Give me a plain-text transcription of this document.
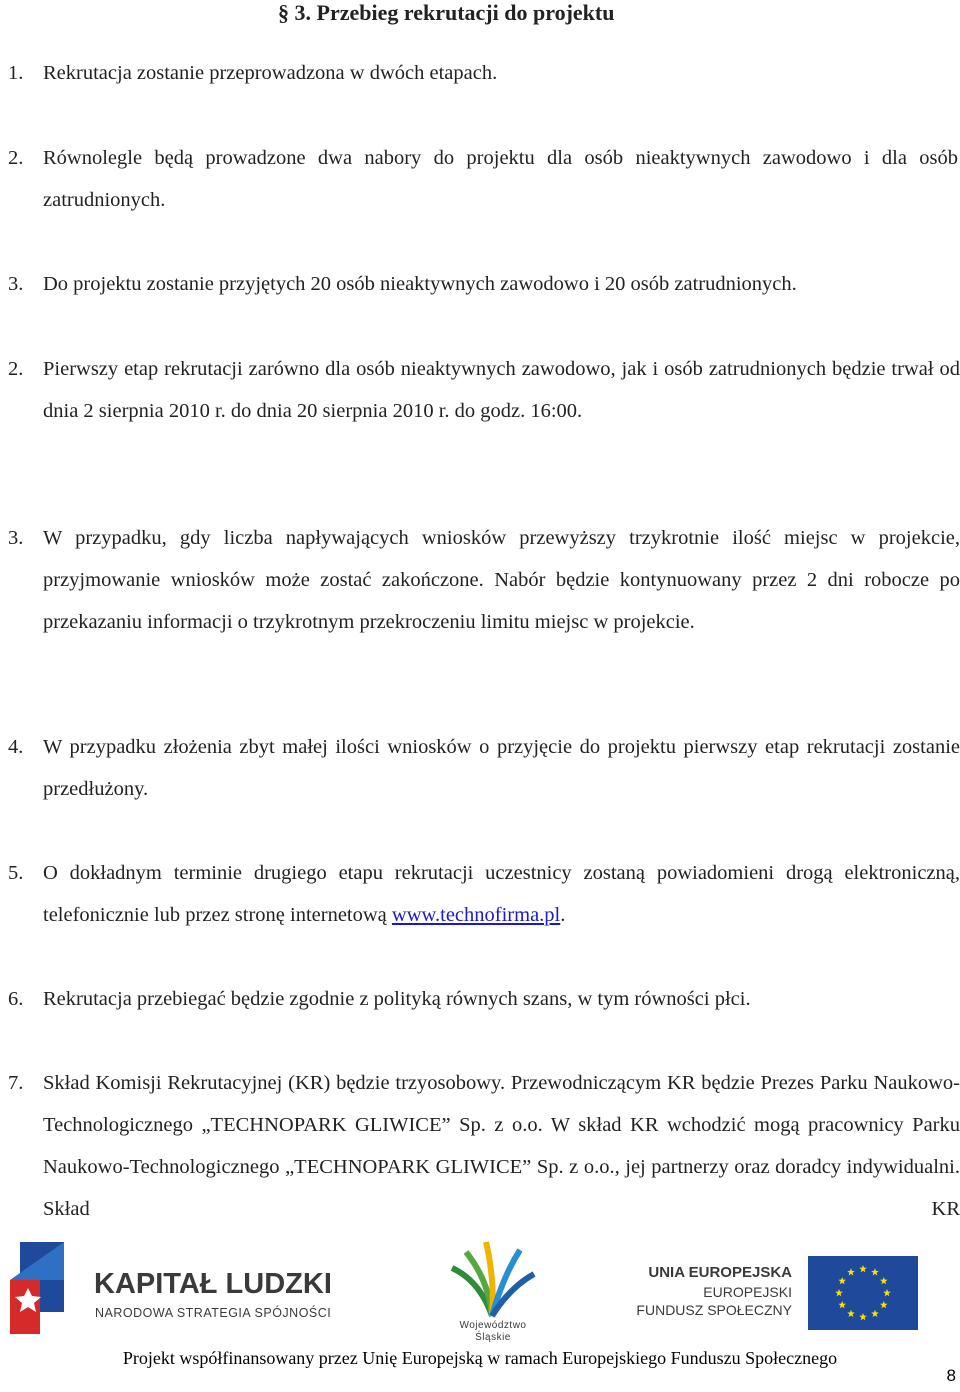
§ 3. Przebieg rekrutacji do projektu
1. Rekrutacja zostanie przeprowadzona w dwóch etapach.
2. Równolegle będą prowadzone dwa nabory do projektu dla osób nieaktywnych zawodowo i dla osób zatrudnionych.
3. Do projektu zostanie przyjętych 20 osób nieaktywnych zawodowo i 20 osób zatrudnionych.
2. Pierwszy etap rekrutacji zarówno dla osób nieaktywnych zawodowo, jak i osób zatrudnionych będzie trwał od dnia 2 sierpnia 2010 r. do dnia 20 sierpnia 2010 r. do godz. 16:00.
3. W przypadku, gdy liczba napływających wniosków przewyższy trzykrotnie ilość miejsc w projekcie, przyjmowanie wniosków może zostać zakończone. Nabór będzie kontynuowany przez 2 dni robocze po przekazaniu informacji o trzykrotnym przekroczeniu limitu miejsc w projekcie.
4. W przypadku złożenia zbyt małej ilości wniosków o przyjęcie do projektu pierwszy etap rekrutacji zostanie przedłużony.
5. O dokładnym terminie drugiego etapu rekrutacji uczestnicy zostaną powiadomieni drogą elektroniczną, telefonicznie lub przez stronę internetową www.technofirma.pl.
6. Rekrutacja przebiegać będzie zgodnie z polityką równych szans, w tym równości płci.
7. Skład Komisji Rekrutacyjnej (KR) będzie trzyosobowy. Przewodniczącym KR będzie Prezes Parku Naukowo-Technologicznego „TECHNOPARK GLIWICE” Sp. z o.o. W skład KR wchodzić mogą pracownicy Parku Naukowo-Technologicznego „TECHNOPARK GLIWICE” Sp. z o.o., jej partnerzy oraz doradcy indywidualni. Skład KR
KAPITAŁ LUDZKI
NARODOWA STRATEGIA SPÓJNOŚCI
Województwo
Śląskie
UNIA EUROPEJSKA
EUROPEJSKI
FUNDUSZ SPOŁECZNY
Projekt współfinansowany przez Unię Europejską w ramach Europejskiego Funduszu Społecznego
8
